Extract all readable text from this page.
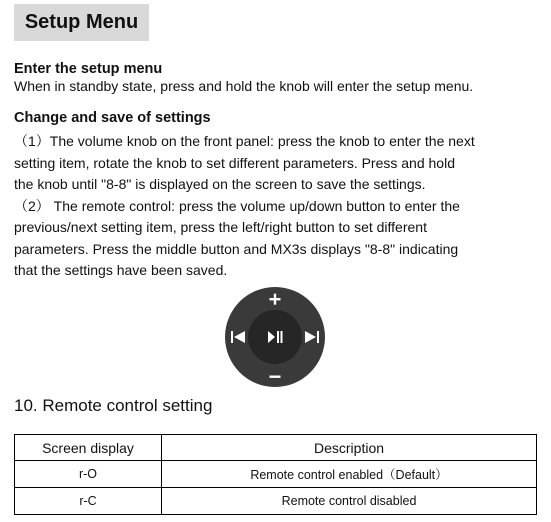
Setup Menu
Enter the setup menu
When in standby state, press and hold the knob will enter the setup menu.
Change and save of settings
（1）The volume knob on the front panel: press the knob to enter the next
setting item, rotate the knob to set different parameters. Press and hold
the knob until "8-8" is displayed on the screen to save the settings.
（2） The remote control: press the volume up/down button to enter the
previous/next setting item, press the left/right button to set different
parameters. Press the middle button and MX3s displays "8-8" indicating
that the settings have been saved.
10. Remote control setting
Screen display	Description
r-O	Remote control enabled（Default）
r-C	Remote control disabled
